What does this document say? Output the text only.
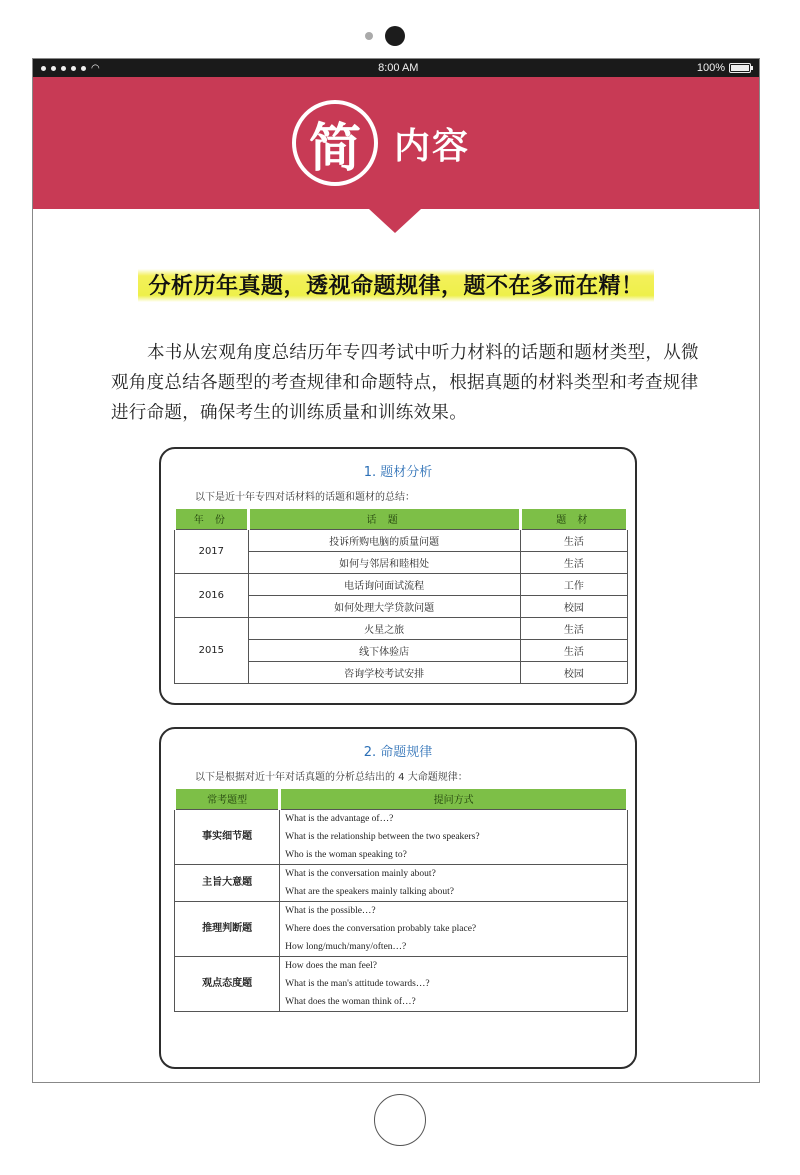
◠	8:00 AM	100%
简 内容
分析历年真题，透视命题规律，题不在多而在精！

本书从宏观角度总结历年专四考试中听力材料的话题和题材类型，从微观角度总结各题型的考查规律和命题特点，根据真题的材料类型和考查规律进行命题，确保考生的训练质量和训练效果。

1. 题材分析
以下是近十年专四对话材料的话题和题材的总结：
年 份	话 题	题 材
2017	投诉所购电脑的质量问题	生活
	如何与邻居和睦相处	生活
2016	电话询问面试流程	工作
	如何处理大学贷款问题	校园
2015	火星之旅	生活
	线下体验店	生活
	咨询学校考试安排	校园
2. 命题规律
以下是根据对近十年对话真题的分析总结出的 4 大命题规律：
常考题型	提问方式
事实细节题	What is the advantage of…?
What is the relationship between the two speakers?
Who is the woman speaking to?

主旨大意题	What is the conversation mainly about?
What are the speakers mainly talking about?

推理判断题	What is the possible…?
Where does the conversation probably take place?
How long/much/many/often…?

观点态度题	How does the man feel?
What is the man's attitude towards…?
What does the woman think of…?
